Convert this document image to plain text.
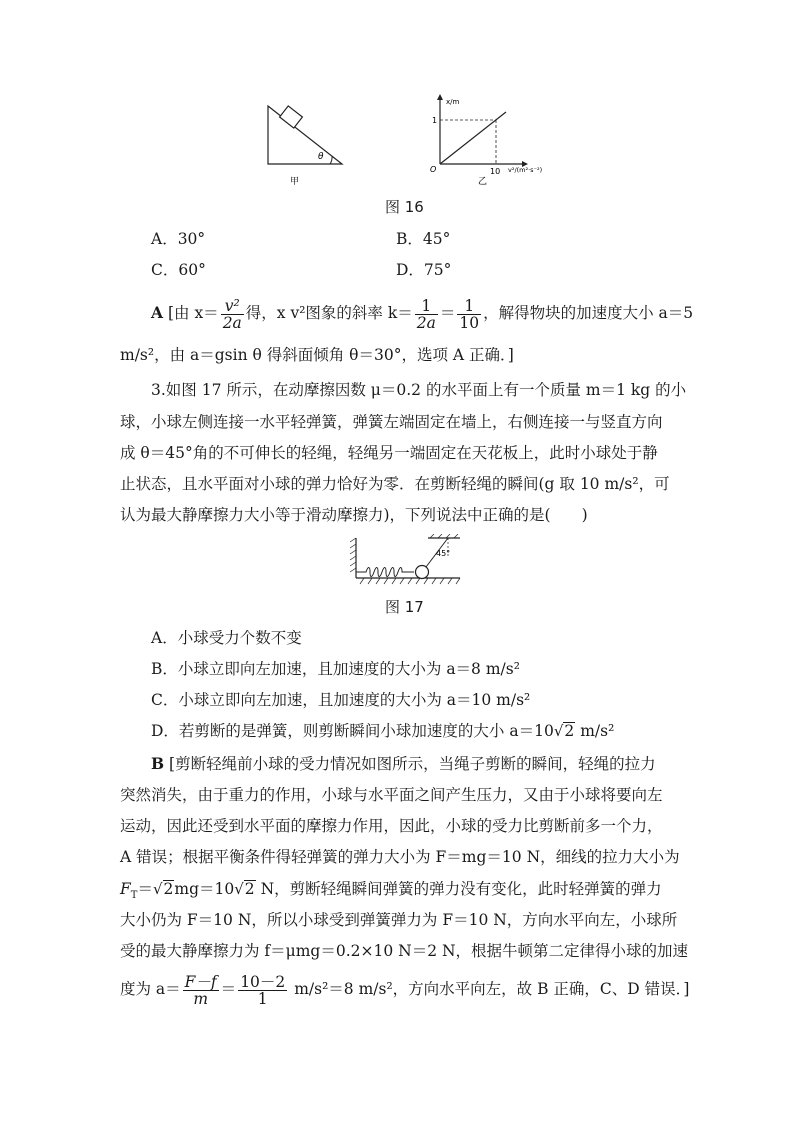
θ
甲
x/m
v²/(m²·s⁻²)
O
1
10
乙
图 16
A．30°	B．45°
C．60°	D．75°
A [由 $x= \frac{\text{v²}}{2a}$ 得，x v²图象的斜率 $k= \frac{1}{2a} = \frac{1}{10}$ ，解得物块的加速度大小 a＝5
m/s²，由 a＝gsin θ 得斜面倾角 θ＝30°，选项 A 正确．]
3.如图 17 所示，在动摩擦因数 μ＝0.2 的水平面上有一个质量 m＝1 kg 的小
球，小球左侧连接一水平轻弹簧，弹簧左端固定在墙上，右侧连接一与竖直方向
成 θ＝45°角的不可伸长的轻绳，轻绳另一端固定在天花板上，此时小球处于静
止状态，且水平面对小球的弹力恰好为零．在剪断轻绳的瞬间(g 取 10 m/s²，可
认为最大静摩擦力大小等于滑动摩擦力)，下列说法中正确的是(　　)
45°
图 17
A．小球受力个数不变
B．小球立即向左加速，且加速度的大小为 a＝8 m/s²
C．小球立即向左加速，且加速度的大小为 a＝10 m/s²
D．若剪断的是弹簧，则剪断瞬间小球加速度的大小 a＝10√2 m/s²
B [剪断轻绳前小球的受力情况如图所示，当绳子剪断的瞬间，轻绳的拉力
突然消失，由于重力的作用，小球与水平面之间产生压力，又由于小球将要向左
运动，因此还受到水平面的摩擦力作用，因此，小球的受力比剪断前多一个力，
A 错误；根据平衡条件得轻弹簧的弹力大小为 F＝mg＝10 N，细线的拉力大小为
$F_T=√2mg=10√2$ N，剪断轻绳瞬间弹簧的弹力没有变化，此时轻弹簧的弹力
大小仍为 F＝10 N，所以小球受到弹簧弹力为 F＝10 N，方向水平向左，小球所
受的最大静摩擦力为 f＝μmg＝0.2×10 N＝2 N，根据牛顿第二定律得小球的加速
度为 $a= \frac{F-f}{m} = \frac{10-2}{1} m/s^2=8$ m/s²，方向水平向左，故 B 正确，C、D 错误．]
